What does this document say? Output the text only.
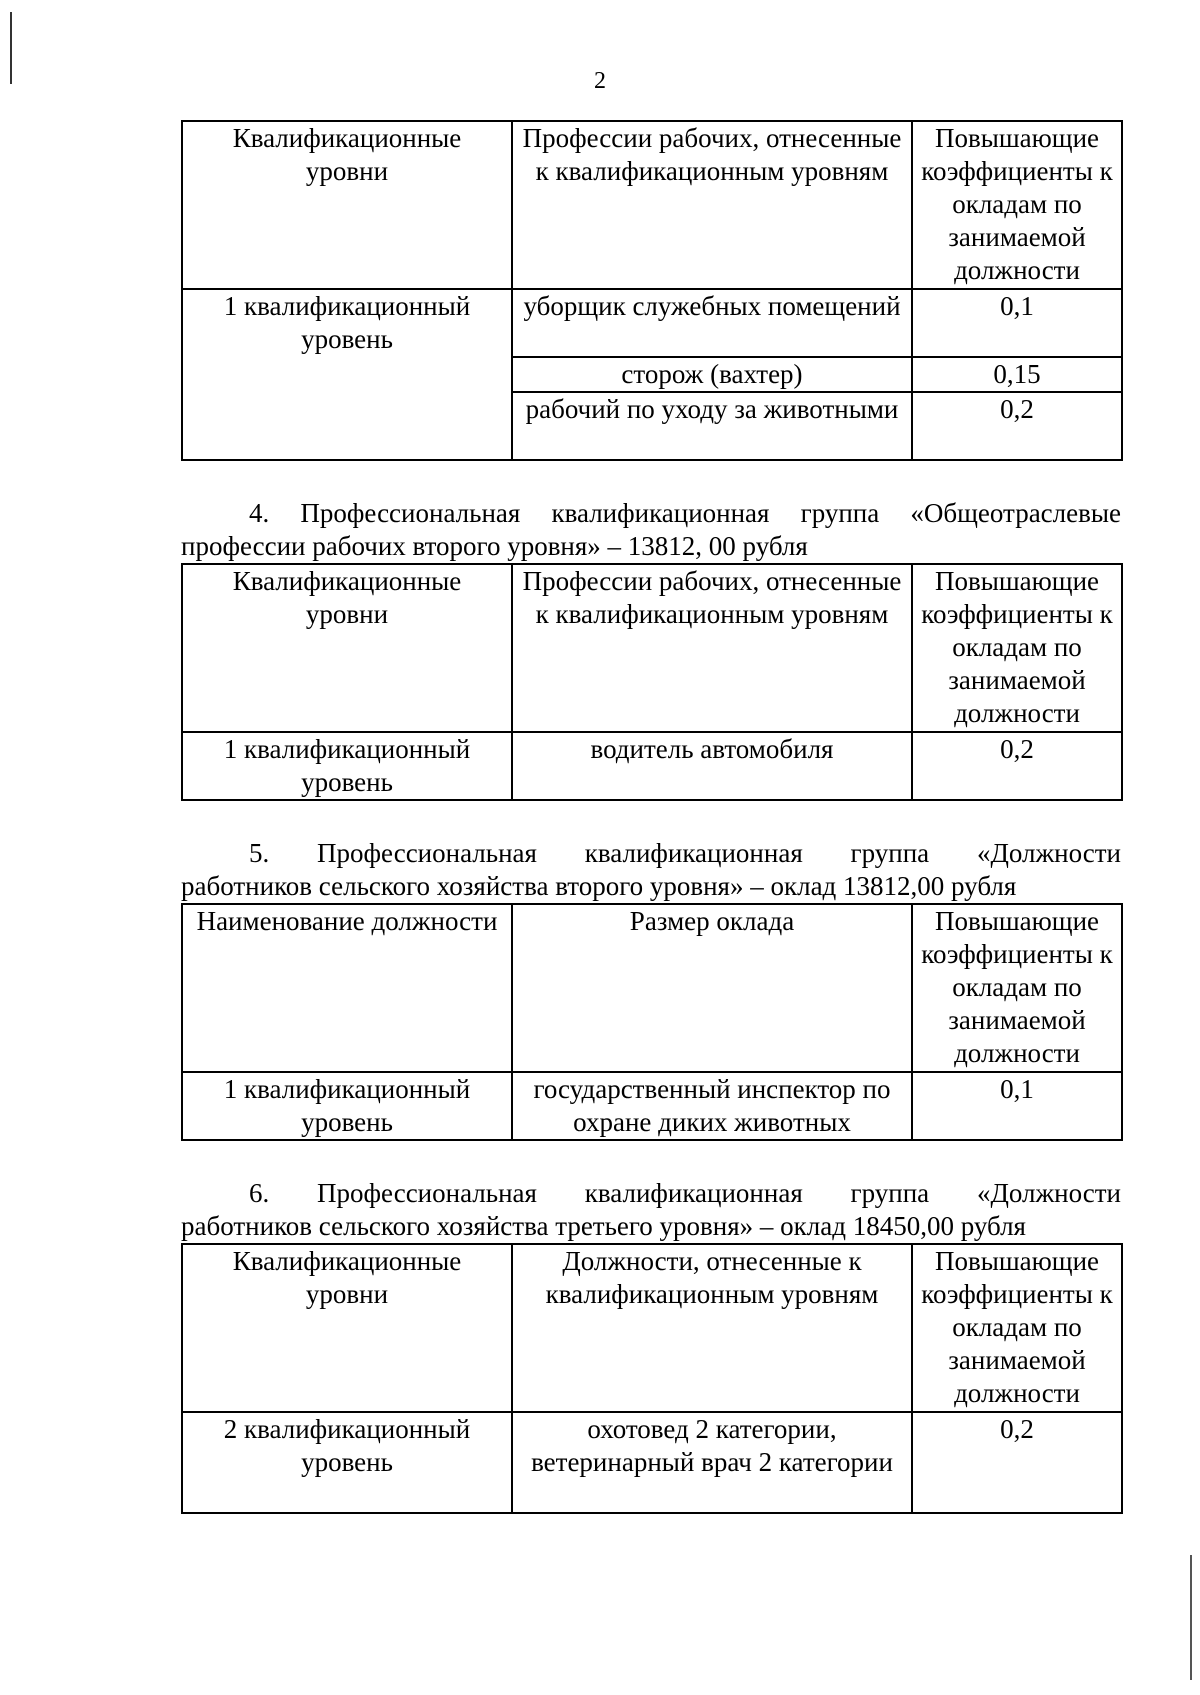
2
Квалификационные уровни	Профессии рабочих, отнесенные к квалификационным уровням	Повышающие коэффициенты к окладам по занимаемой должности
1 квалификационный уровень	уборщик служебных помещений	0,1
	сторож (вахтер)	0,15
	рабочий по уходу за животными	0,2
4. Профессиональная квалификационная группа «Общеотраслевые
профессии рабочих второго уровня» – 13812, 00 рубля
Квалификационные уровни	Профессии рабочих, отнесенные к квалификационным уровням	Повышающие коэффициенты к окладам по занимаемой должности
1 квалификационный уровень	водитель автомобиля	0,2
5. Профессиональная квалификационная группа «Должности
работников сельского хозяйства второго уровня» – оклад 13812,00 рубля
Наименование должности	Размер оклада	Повышающие коэффициенты к окладам по занимаемой должности
1 квалификационный уровень	государственный инспектор по охране диких животных	0,1
6. Профессиональная квалификационная группа «Должности
работников сельского хозяйства третьего уровня» – оклад 18450,00 рубля
Квалификационные уровни	Должности, отнесенные к квалификационным уровням	Повышающие коэффициенты к окладам по занимаемой должности
2 квалификационный уровень	охотовед 2 категории, ветеринарный врач 2 категории	0,2
